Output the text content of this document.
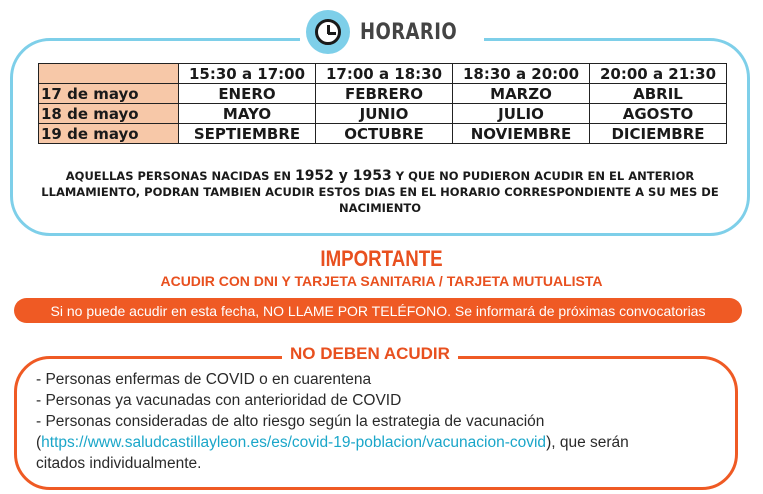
HORARIO
	15:30 a 17:00	17:00 a 18:30	18:30 a 20:00	20:00 a 21:30
17 de mayo	ENERO	FEBRERO	MARZO	ABRIL
18 de mayo	MAYO	JUNIO	JULIO	AGOSTO
19 de mayo	SEPTIEMBRE	OCTUBRE	NOVIEMBRE	DICIEMBRE
AQUELLAS PERSONAS NACIDAS EN 1952 y 1953 Y QUE NO PUDIERON ACUDIR EN EL ANTERIOR LLAMAMIENTO, PODRAN TAMBIEN ACUDIR ESTOS DIAS EN EL HORARIO CORRESPONDIENTE A SU MES DE NACIMIENTO
IMPORTANTE
ACUDIR CON DNI Y TARJETA SANITARIA / TARJETA MUTUALISTA
Si no puede acudir en esta fecha, NO LLAME POR TELÉFONO. Se informará de próximas convocatorias
NO DEBEN ACUDIR
- Personas enfermas de COVID o en cuarentena
- Personas ya vacunadas con anterioridad de COVID
- Personas consideradas de alto riesgo según la estrategia de vacunación
(https://www.saludcastillayleon.es/es/covid-19-poblacion/vacunacion-covid), que serán
citados individualmente.
